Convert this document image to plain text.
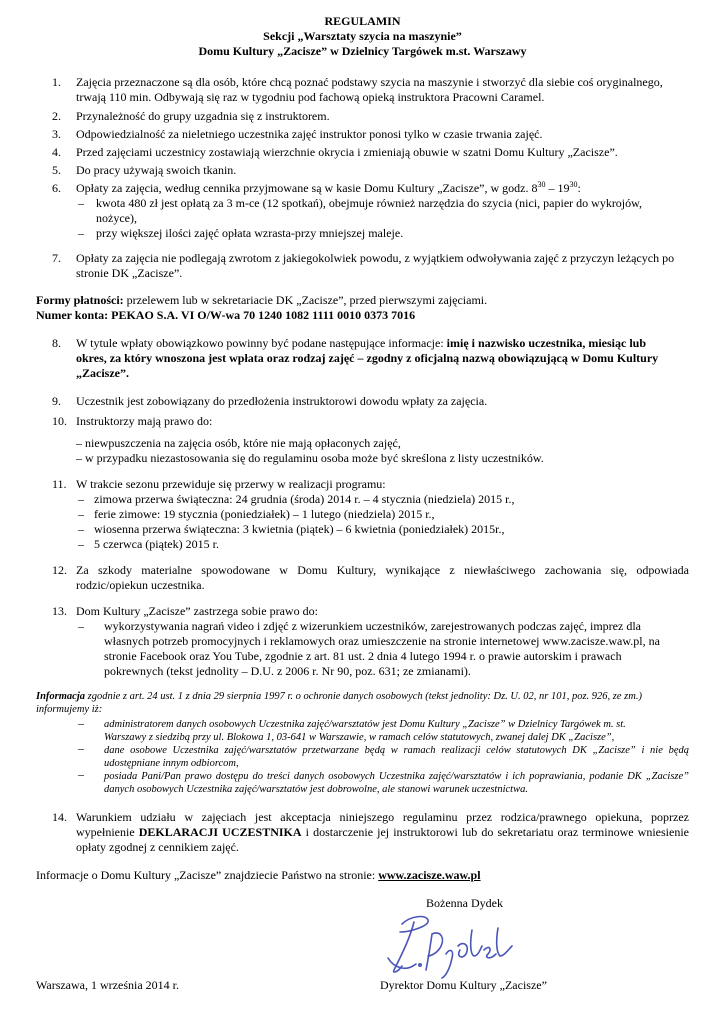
REGULAMIN
Sekcji „Warsztaty szycia na maszynie”
Domu Kultury „Zacisze” w Dzielnicy Targówek m.st. Warszawy
1. Zajęcia przeznaczone są dla osób, które chcą poznać podstawy szycia na maszynie i stworzyć dla siebie coś oryginalnego,
trwają 110 min. Odbywają się raz w tygodniu pod fachową opieką instruktora Pracowni Caramel.
2. Przynależność do grupy uzgadnia się z instruktorem.
3. Odpowiedzialność za nieletniego uczestnika zajęć instruktor ponosi tylko w czasie trwania zajęć.
4. Przed zajęciami uczestnicy zostawiają wierzchnie okrycia i zmieniają obuwie w szatni Domu Kultury „Zacisze”.
5. Do pracy używają swoich tkanin.
6. Opłaty za zajęcia, według cennika przyjmowane są w kasie Domu Kultury „Zacisze”, w godz. $8^{30} - 19^{30}$:
– kwota 480 zł jest opłatą za 3 m-ce (12 spotkań), obejmuje również narzędzia do szycia (nici, papier do wykrojów,
nożyce),
– przy większej ilości zajęć opłata wzrasta-przy mniejszej maleje.
7. Opłaty za zajęcia nie podlegają zwrotom z jakiegokolwiek powodu, z wyjątkiem odwoływania zajęć z przyczyn leżących po
stronie DK „Zacisze”.
Formy płatności: przelewem lub w sekretariacie DK „Zacisze”, przed pierwszymi zajęciami.
Numer konta: PEKAO S.A. VI O/W-wa 70 1240 1082 1111 0010 0373 7016
8. W tytule wpłaty obowiązkowo powinny być podane następujące informacje: imię i nazwisko uczestnika, miesiąc lub
okres, za który wnoszona jest wpłata oraz rodzaj zajęć – zgodny z oficjalną nazwą obowiązującą w Domu Kultury
„Zacisze”.
9. Uczestnik jest zobowiązany do przedłożenia instruktorowi dowodu wpłaty za zajęcia.
10. Instruktorzy mają prawo do:
– niewpuszczenia na zajęcia osób, które nie mają opłaconych zajęć,
– w przypadku niezastosowania się do regulaminu osoba może być skreślona z listy uczestników.
11. W trakcie sezonu przewiduje się przerwy w realizacji programu:
– zimowa przerwa świąteczna: 24 grudnia (środa) 2014 r. – 4 stycznia (niedziela) 2015 r.,
– ferie zimowe: 19 stycznia (poniedziałek) – 1 lutego (niedziela) 2015 r.,
– wiosenna przerwa świąteczna: 3 kwietnia (piątek) – 6 kwietnia (poniedziałek) 2015r.,
– 5 czerwca (piątek) 2015 r.
12. Za szkody materialne spowodowane w Domu Kultury, wynikające z niewłaściwego zachowania się, odpowiada
rodzic/opiekun uczestnika.
13. Dom Kultury „Zacisze” zastrzega sobie prawo do:
– wykorzystywania nagrań video i zdjęć z wizerunkiem uczestników, zarejestrowanych podczas zajęć, imprez dla
własnych potrzeb promocyjnych i reklamowych oraz umieszczenie na stronie internetowej www.zacisze.waw.pl, na
stronie Facebook oraz You Tube, zgodnie z art. 81 ust. 2 dnia 4 lutego 1994 r. o prawie autorskim i prawach
pokrewnych (tekst jednolity – D.U. z 2006 r. Nr 90, poz. 631; ze zmianami).
Informacja zgodnie z art. 24 ust. 1 z dnia 29 sierpnia 1997 r. o ochronie danych osobowych (tekst jednolity: Dz. U. 02, nr 101, poz. 926, ze zm.)
informujemy iż:
– administratorem danych osobowych Uczestnika zajęć/warsztatów jest Domu Kultury „Zacisze” w Dzielnicy Targówek m. st.
Warszawy z siedzibą przy ul. Blokowa 1, 03-641 w Warszawie, w ramach celów statutowych, zwanej dalej DK „Zacisze”,
– dane osobowe Uczestnika zajęć/warsztatów przetwarzane będą w ramach realizacji celów statutowych DK „Zacisze” i nie będą
udostępniane innym odbiorcom,
– posiada Pani/Pan prawo dostępu do treści danych osobowych Uczestnika zajęć/warsztatów i ich poprawiania, podanie DK „Zacisze”
danych osobowych Uczestnika zajęć/warsztatów jest dobrowolne, ale stanowi warunek uczestnictwa.
14. Warunkiem udziału w zajęciach jest akceptacja niniejszego regulaminu przez rodzica/prawnego opiekuna, poprzez
wypełnienie DEKLARACJI UCZESTNIKA i dostarczenie jej instruktorowi lub do sekretariatu oraz terminowe wniesienie
opłaty zgodnej z cennikiem zajęć.
Informacje o Domu Kultury „Zacisze” znajdziecie Państwo na stronie: www.zacisze.waw.pl
Bożenna Dydek
Warszawa, 1 września 2014 r.	Dyrektor Domu Kultury „Zacisze”
